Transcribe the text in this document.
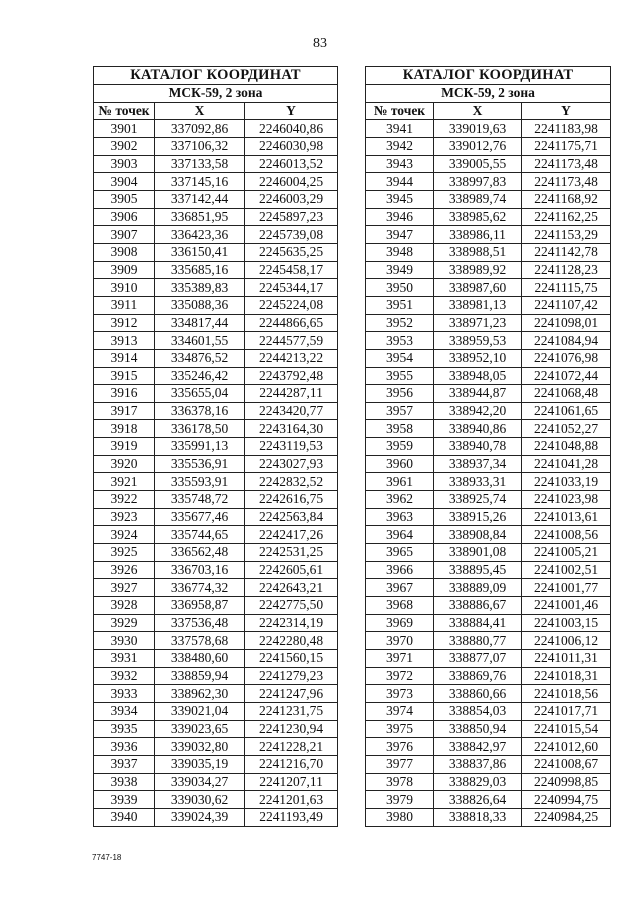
83
КАТАЛОГ КООРДИНАТ		
МСК-59, 2 зона		
№ точек	X	Y
3901	337092,86	2246040,86
3902	337106,32	2246030,98
3903	337133,58	2246013,52
3904	337145,16	2246004,25
3905	337142,44	2246003,29
3906	336851,95	2245897,23
3907	336423,36	2245739,08
3908	336150,41	2245635,25
3909	335685,16	2245458,17
3910	335389,83	2245344,17
3911	335088,36	2245224,08
3912	334817,44	2244866,65
3913	334601,55	2244577,59
3914	334876,52	2244213,22
3915	335246,42	2243792,48
3916	335655,04	2244287,11
3917	336378,16	2243420,77
3918	336178,50	2243164,30
3919	335991,13	2243119,53
3920	335536,91	2243027,93
3921	335593,91	2242832,52
3922	335748,72	2242616,75
3923	335677,46	2242563,84
3924	335744,65	2242417,26
3925	336562,48	2242531,25
3926	336703,16	2242605,61
3927	336774,32	2242643,21
3928	336958,87	2242775,50
3929	337536,48	2242314,19
3930	337578,68	2242280,48
3931	338480,60	2241560,15
3932	338859,94	2241279,23
3933	338962,30	2241247,96
3934	339021,04	2241231,75
3935	339023,65	2241230,94
3936	339032,80	2241228,21
3937	339035,19	2241216,70
3938	339034,27	2241207,11
3939	339030,62	2241201,63
3940	339024,39	2241193,49
КАТАЛОГ КООРДИНАТ		
МСК-59, 2 зона		
№ точек	X	Y
3941	339019,63	2241183,98
3942	339012,76	2241175,71
3943	339005,55	2241173,48
3944	338997,83	2241173,48
3945	338989,74	2241168,92
3946	338985,62	2241162,25
3947	338986,11	2241153,29
3948	338988,51	2241142,78
3949	338989,92	2241128,23
3950	338987,60	2241115,75
3951	338981,13	2241107,42
3952	338971,23	2241098,01
3953	338959,53	2241084,94
3954	338952,10	2241076,98
3955	338948,05	2241072,44
3956	338944,87	2241068,48
3957	338942,20	2241061,65
3958	338940,86	2241052,27
3959	338940,78	2241048,88
3960	338937,34	2241041,28
3961	338933,31	2241033,19
3962	338925,74	2241023,98
3963	338915,26	2241013,61
3964	338908,84	2241008,56
3965	338901,08	2241005,21
3966	338895,45	2241002,51
3967	338889,09	2241001,77
3968	338886,67	2241001,46
3969	338884,41	2241003,15
3970	338880,77	2241006,12
3971	338877,07	2241011,31
3972	338869,76	2241018,31
3973	338860,66	2241018,56
3974	338854,03	2241017,71
3975	338850,94	2241015,54
3976	338842,97	2241012,60
3977	338837,86	2241008,67
3978	338829,03	2240998,85
3979	338826,64	2240994,75
3980	338818,33	2240984,25
7747-18
